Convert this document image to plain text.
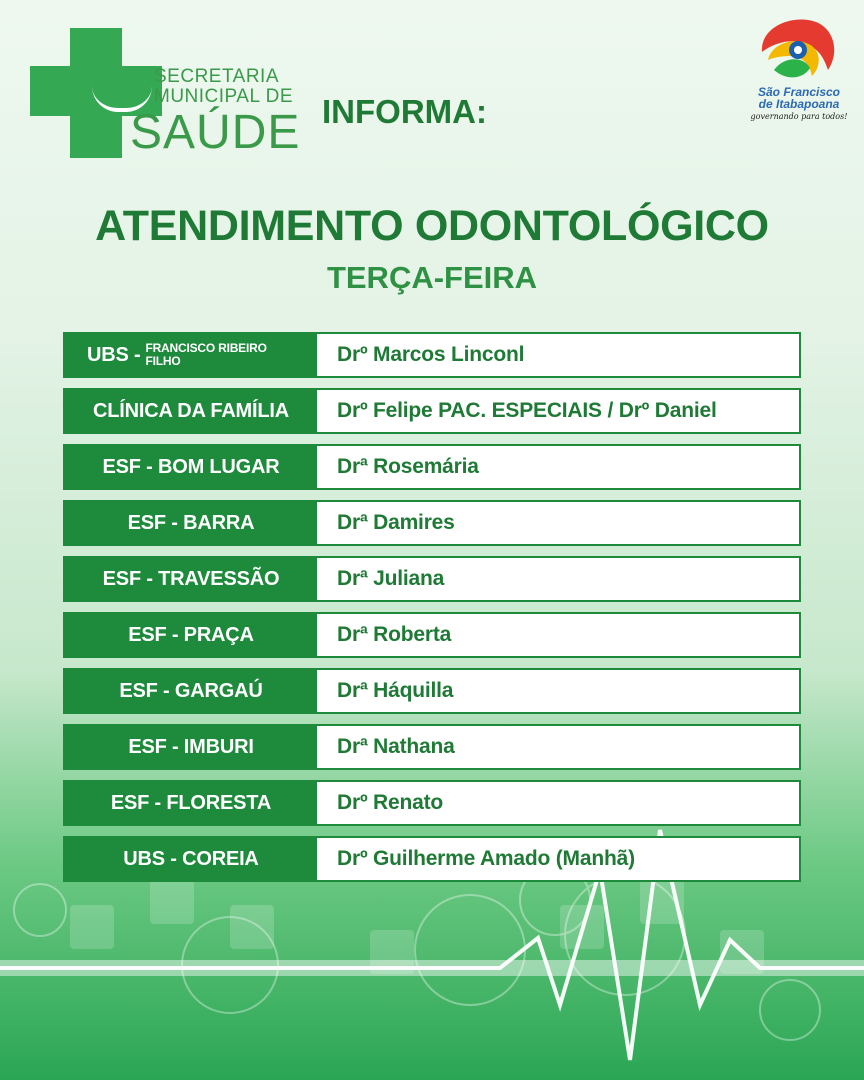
SECRETARIA
MUNICIPAL DE
SAÚDE INFORMA:
São Francisco
de Itabapoana
governando para todos!
ATENDIMENTO ODONTOLÓGICO
TERÇA-FEIRA
UBS - FRANCISCO RIBEIRO
FILHO	Drº Marcos Linconl
CLÍNICA DA FAMÍLIA	Drº Felipe PAC. ESPECIAIS / Drº Daniel
ESF - BOM LUGAR	Drª Rosemária
ESF - BARRA	Drª Damires
ESF - TRAVESSÃO	Drª Juliana
ESF - PRAÇA	Drª Roberta
ESF - GARGAÚ	Drª Háquilla
ESF - IMBURI	Drª Nathana
ESF - FLORESTA	Drº Renato
UBS - COREIA	Drº Guilherme Amado (Manhã)
